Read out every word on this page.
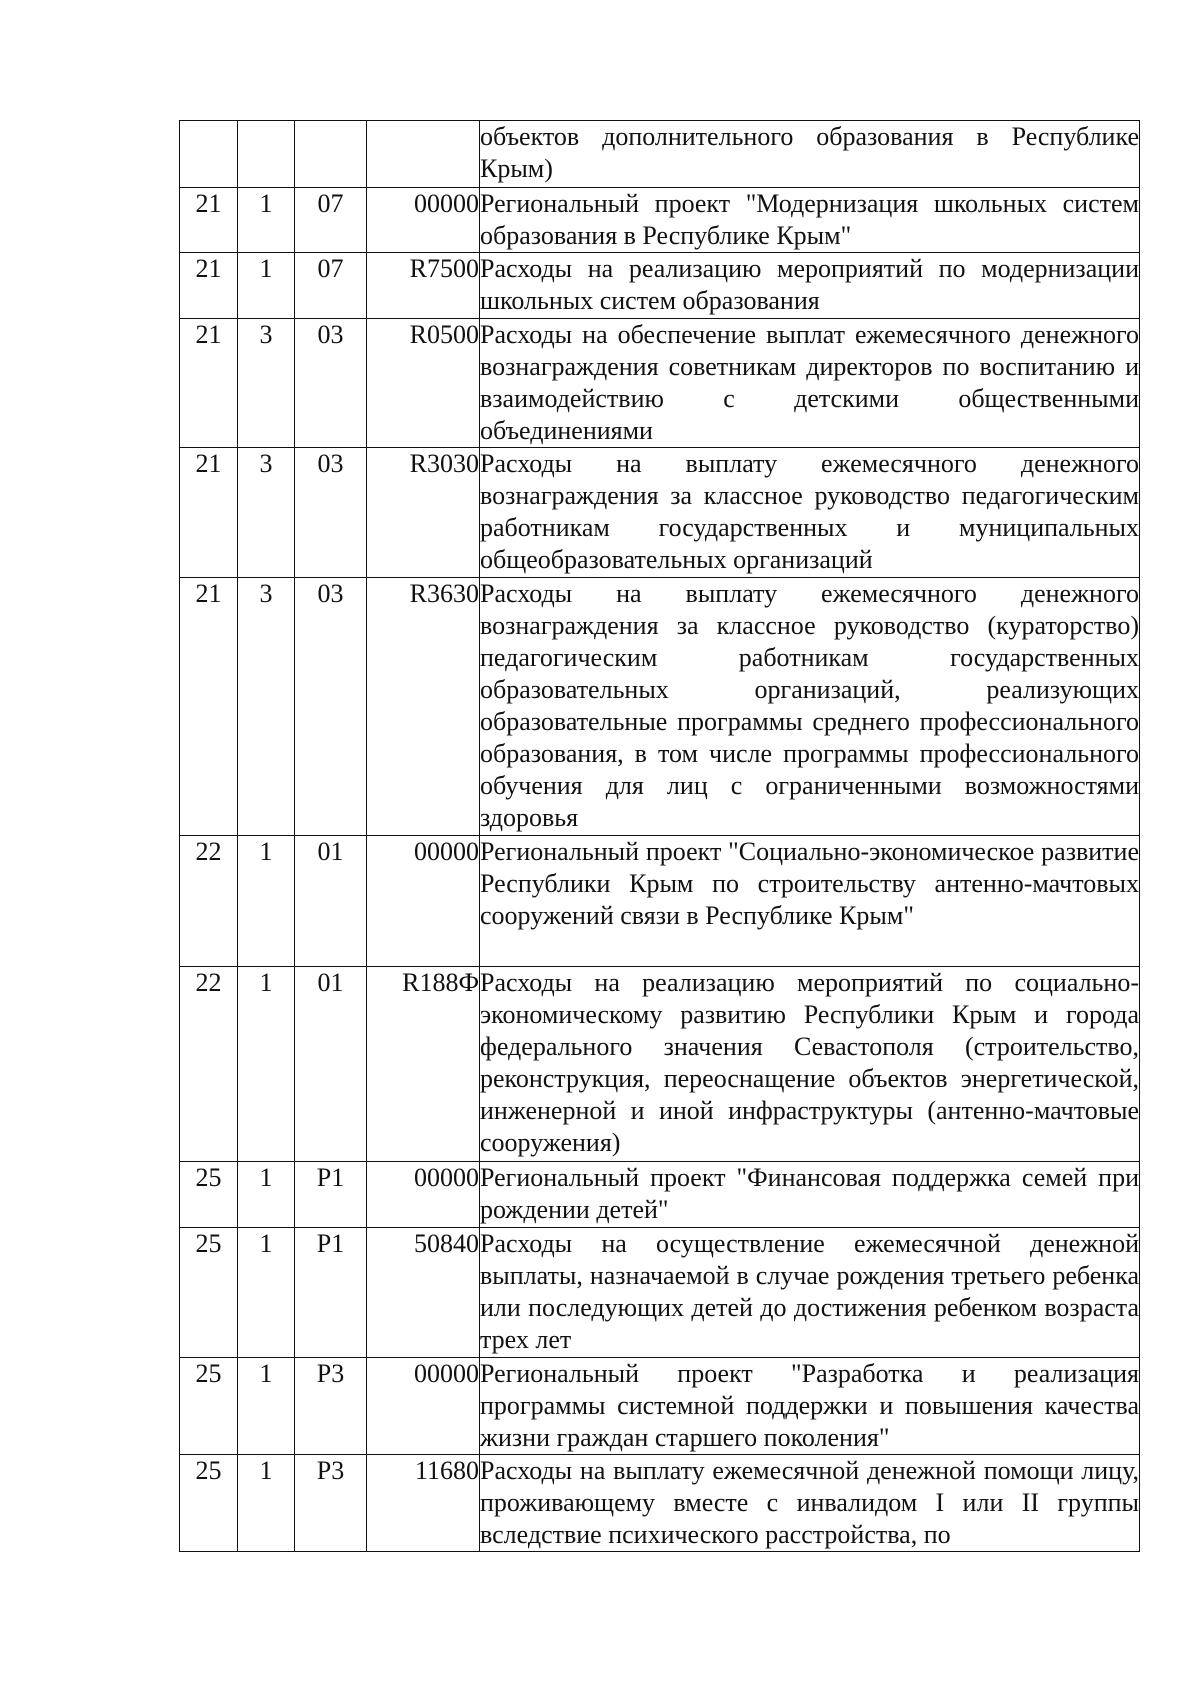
				объектов дополнительного образования в Республике Крым)
21	1	07	00000	Региональный проект "Модернизация школьных систем образования в Республике Крым"
21	1	07	R7500	Расходы на реализацию мероприятий по модернизации школьных систем образования
21	3	03	R0500	Расходы на обеспечение выплат ежемесячного денежного вознаграждения советникам директоров по воспитанию и взаимодействию с детскими общественными объединениями
21	3	03	R3030	Расходы на выплату ежемесячного денежного вознаграждения за классное руководство педагогическим работникам государственных и муниципальных общеобразовательных организаций
21	3	03	R3630	Расходы на выплату ежемесячного денежного вознаграждения за классное руководство (кураторство) педагогическим работникам государственных образовательных организаций, реализующих образовательные программы среднего профессионального образования, в том числе программы профессионального обучения для лиц с ограниченными возможностями здоровья
22	1	01	00000	Региональный проект "Социально-экономическое развитие Республики Крым по строительству антенно-мачтовых сооружений связи в Республике Крым"
22	1	01	R188Ф	Расходы на реализацию мероприятий по социально-экономическому развитию Республики Крым и города федерального значения Севастополя (строительство, реконструкция, переоснащение объектов энергетической, инженерной и иной инфраструктуры (антенно-мачтовые сооружения)
25	1	P1	00000	Региональный проект "Финансовая поддержка семей при рождении детей"
25	1	P1	50840	Расходы на осуществление ежемесячной денежной выплаты, назначаемой в случае рождения третьего ребенка или последующих детей до достижения ребенком возраста трех лет
25	1	P3	00000	Региональный проект "Разработка и реализация программы системной поддержки и повышения качества жизни граждан старшего поколения"
25	1	P3	11680	Расходы на выплату ежемесячной денежной помощи лицу, проживающему вместе с инвалидом I или II группы вследствие психического расстройства, по
